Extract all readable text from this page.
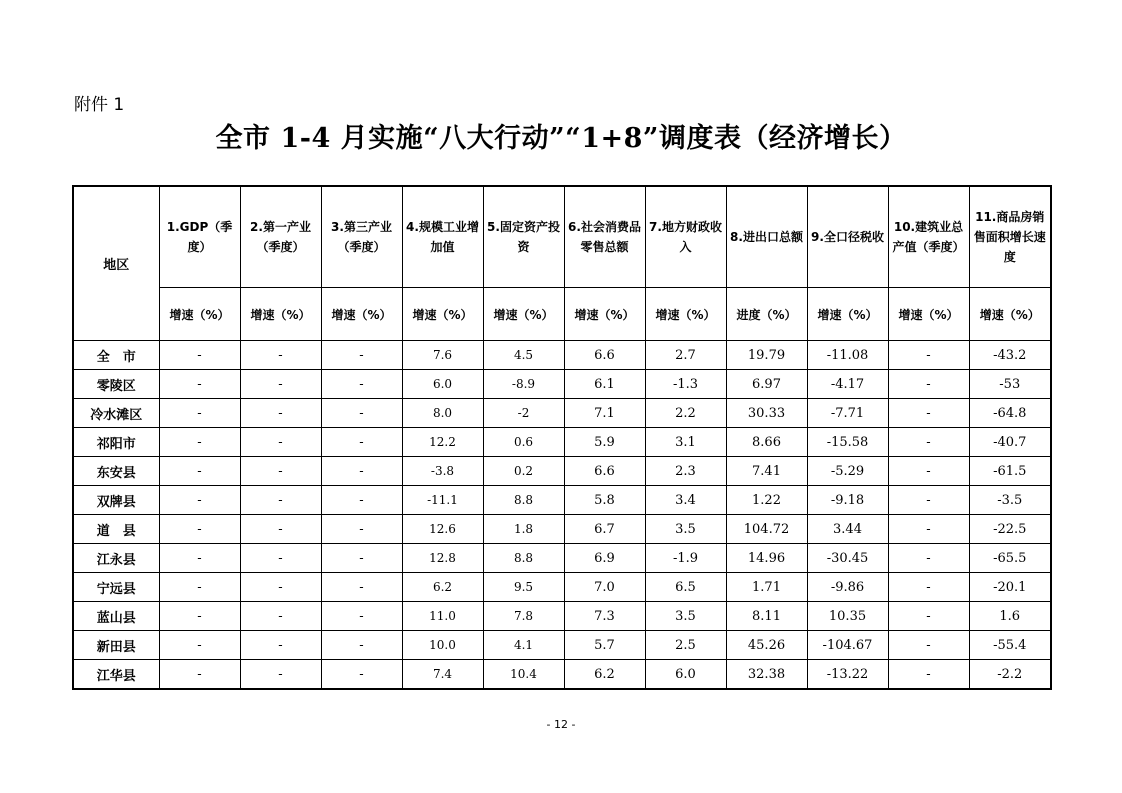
附件 1
全市 1-4 月实施“八大行动”“1+8”调度表（经济增长）
地区	1.GDP（季度）	2.第一产业（季度）	3.第三产业（季度）	4.规模工业增加值	5.固定资产投资	6.社会消费品零售总额	7.地方财政收入	8.进出口总额	9.全口径税收	10.建筑业总产值（季度）	11.商品房销售面积增长速度
	增速（%）	增速（%）	增速（%）	增速（%）	增速（%）	增速（%）	增速（%）	进度（%）	增速（%）	增速（%）	增速（%）
全　市	-	-	-	7.6	4.5	6.6	2.7	19.79	-11.08	-	-43.2
零陵区	-	-	-	6.0	-8.9	6.1	-1.3	6.97	-4.17	-	-53
冷水滩区	-	-	-	8.0	-2	7.1	2.2	30.33	-7.71	-	-64.8
祁阳市	-	-	-	12.2	0.6	5.9	3.1	8.66	-15.58	-	-40.7
东安县	-	-	-	-3.8	0.2	6.6	2.3	7.41	-5.29	-	-61.5
双牌县	-	-	-	-11.1	8.8	5.8	3.4	1.22	-9.18	-	-3.5
道　县	-	-	-	12.6	1.8	6.7	3.5	104.72	3.44	-	-22.5
江永县	-	-	-	12.8	8.8	6.9	-1.9	14.96	-30.45	-	-65.5
宁远县	-	-	-	6.2	9.5	7.0	6.5	1.71	-9.86	-	-20.1
蓝山县	-	-	-	11.0	7.8	7.3	3.5	8.11	10.35	-	1.6
新田县	-	-	-	10.0	4.1	5.7	2.5	45.26	-104.67	-	-55.4
江华县	-	-	-	7.4	10.4	6.2	6.0	32.38	-13.22	-	-2.2
- 12 -
